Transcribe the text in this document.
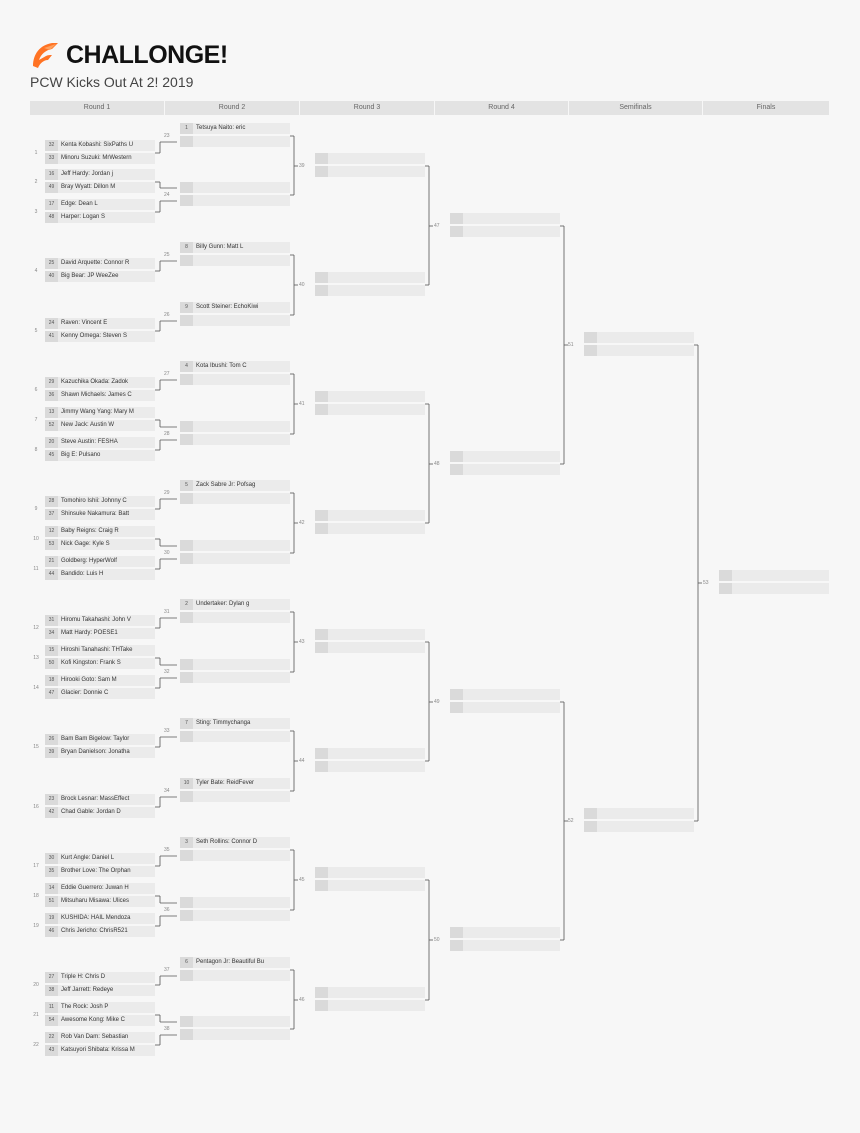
CHALLONGE!
PCW Kicks Out At 2! 2019
Round 1	Round 2	Round 3	Round 4	Semifinals	Finals
32	Kenta Kobashi: SixPaths U
33	Minoru Suzuki: MrWestern
1
16	Jeff Hardy: Jordan j
49	Bray Wyatt: Dillon M
2
17	Edge: Dean L
48	Harper: Logan S
3
25	David Arquette: Connor R
40	Big Bear: JP WeeZee
4
24	Raven: Vincent E
41	Kenny Omega: Steven S
5
29	Kazuchika Okada: Zadok
36	Shawn Michaels: James C
6
13	Jimmy Wang Yang: Mary M
52	New Jack: Austin W
7
20	Steve Austin: FESHA
45	Big E: Pulsano
8
28	Tomohiro Ishii: Johnny C
37	Shinsuke Nakamura: Batt
9
12	Baby Reigns: Craig R
53	Nick Gage: Kyle S
10
21	Goldberg: HyperWolf
44	Bandido: Luis H
11
31	Hiromu Takahashi: John V
34	Matt Hardy: POESE1
12
15	Hiroshi Tanahashi: THTake
50	Kofi Kingston: Frank S
13
18	Hirooki Goto: Sam M
47	Glacier: Donnie C
14
26	Bam Bam Bigelow: Taylor
39	Bryan Danielson: Jonatha
15
23	Brock Lesnar: MassEffect
42	Chad Gable: Jordan D
16
30	Kurt Angle: Daniel L
35	Brother Love: The Orphan
17
14	Eddie Guerrero: Juwan H
51	Mitsuharu Misawa: Ulices
18
19	KUSHIDA: HAIL Mendoza
46	Chris Jericho: ChrisR521
19
27	Triple H: Chris D
38	Jeff Jarrett: Redeye
20
11	The Rock: Josh P
54	Awesome Kong: Mike C
21
22	Rob Van Dam: Sebastian
43	Katsuyori Shibata: Krissa M
22
1	Tetsuya Naito: eric
23
24
8	Billy Gunn: Matt L
25
9	Scott Steiner: EchoKiwi
26
4	Kota Ibushi: Tom C
27
28
5	Zack Sabre Jr: Pofsag
29
30
2	Undertaker: Dylan g
31
32
7	Sting: Timmychanga
33
10	Tyler Bate: ReidFever
34
3	Seth Rollins: Connor D
35
36
6	Pentagon Jr: Beautiful Bu
37
38
39
40
41
42
43
44
45
46
47
48
49
50
51
52
53
